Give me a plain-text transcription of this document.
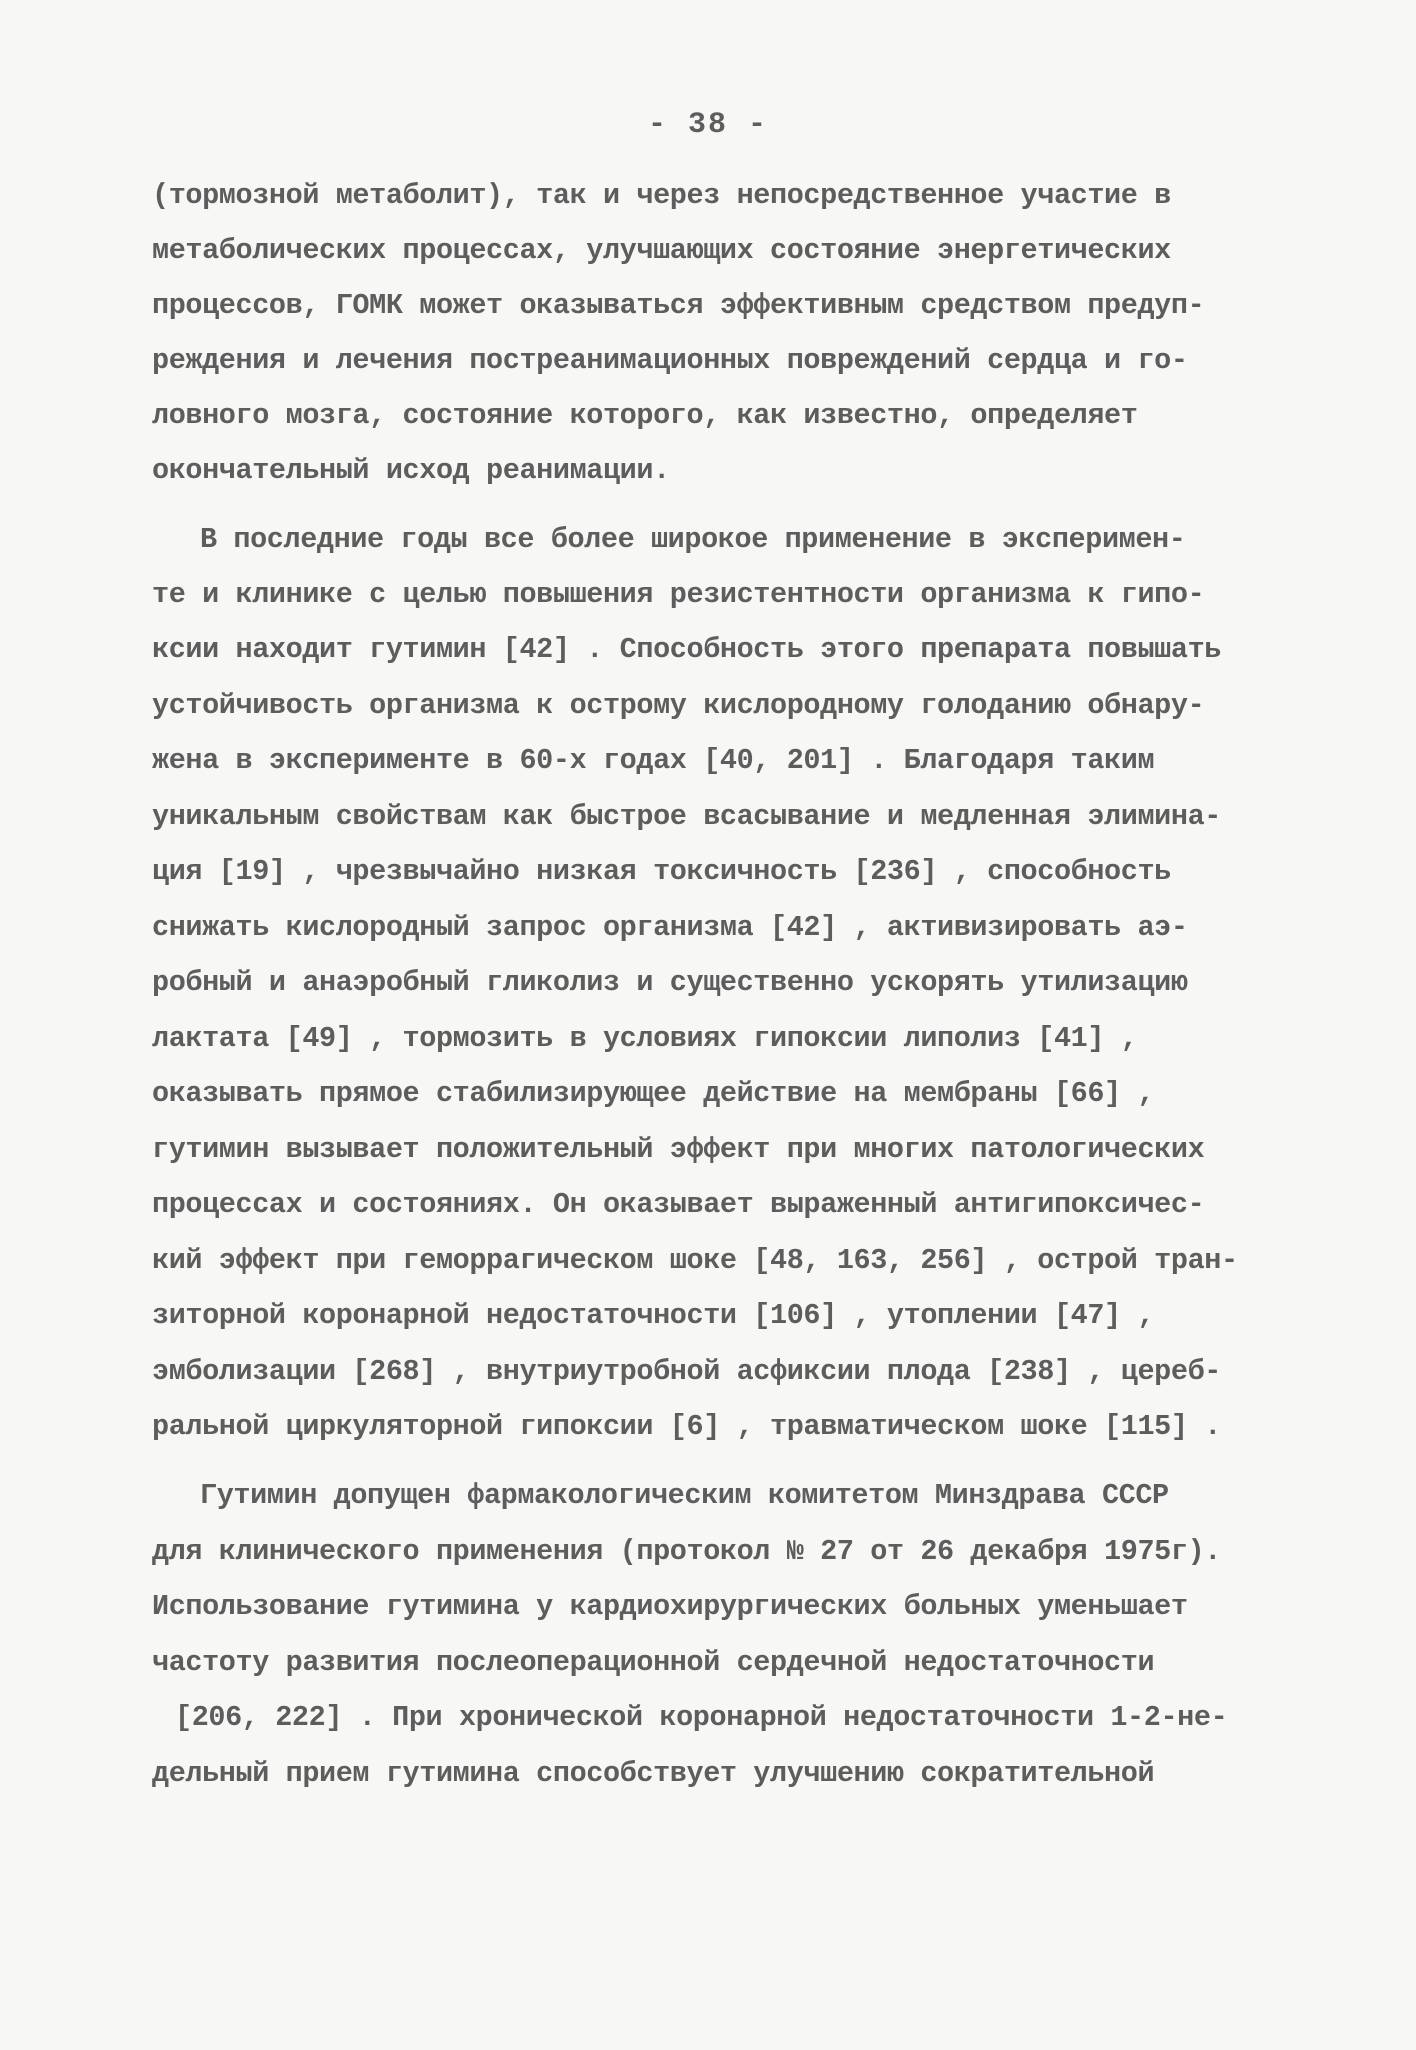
- 38 -
(тормозной метаболит), так и через непосредственное участие в
метаболических процессах, улучшающих состояние энергетических
процессов, ГОМК может оказываться эффективным средством предуп-
реждения и лечения постреанимационных повреждений сердца и го-
ловного мозга, состояние которого, как известно, определяет
окончательный исход реанимации.
В последние годы все более широкое применение в эксперимен-
те и клинике с целью повышения резистентности организма к гипо-
ксии находит гутимин [42] . Способность этого препарата повышать
устойчивость организма к острому кислородному голоданию обнару-
жена в эксперименте в 60-х годах [40, 201] . Благодаря таким
уникальным свойствам как быстрое всасывание и медленная элимина-
ция [19] , чрезвычайно низкая токсичность [236] , способность
снижать кислородный запрос организма [42] , активизировать аэ-
робный и анаэробный гликолиз и существенно ускорять утилизацию
лактата [49] , тормозить в условиях гипоксии липолиз [41] ,
оказывать прямое стабилизирующее действие на мембраны [66] ,
гутимин вызывает положительный эффект при многих патологических
процессах и состояниях. Он оказывает выраженный антигипоксичес-
кий эффект при геморрагическом шоке [48, 163, 256] , острой тран-
зиторной коронарной недостаточности [106] , утоплении [47] ,
эмболизации [268] , внутриутробной асфиксии плода [238] , цереб-
ральной циркуляторной гипоксии [6] , травматическом шоке [115] .
Гутимин допущен фармакологическим комитетом Минздрава СССР
для клинического применения (протокол № 27 от 26 декабря 1975г).
Использование гутимина у кардиохирургических больных уменьшает
частоту развития послеоперационной сердечной недостаточности
[206, 222] . При хронической коронарной недостаточности 1-2-не-
дельный прием гутимина способствует улучшению сократительной
